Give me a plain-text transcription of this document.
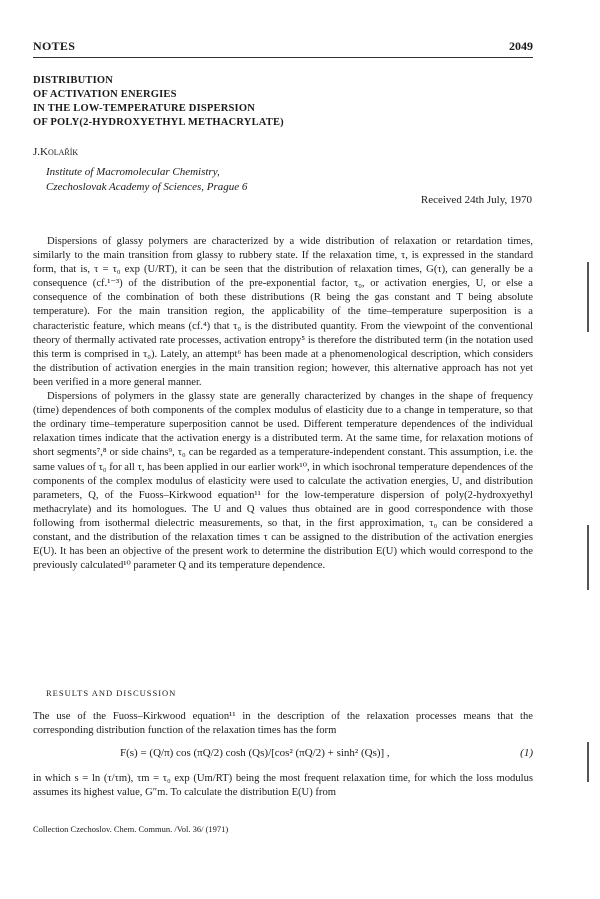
NOTES	2049
DISTRIBUTION
OF ACTIVATION ENERGIES
IN THE LOW-TEMPERATURE DISPERSION
OF POLY(2-HYDROXYETHYL METHACRYLATE)
J.Kolařík
Institute of Macromolecular Chemistry,
Czechoslovak Academy of Sciences, Prague 6
Received 24th July, 1970

Dispersions of glassy polymers are characterized by a wide distribution of relaxation or retardation times, similarly to the main transition from glassy to rubbery state. If the relaxation time, τ, is expressed in the standard form, that is, τ = τ₀ exp (U/RT), it can be seen that the distribution of relaxation times, G(τ), can generally be a consequence (cf.¹⁻³) of the distribution of the pre-exponential factor, τ₀, or activation energies, U, or else a consequence of the combination of both these distributions (R being the gas constant and T being absolute temperature). For the main transition region, the applicability of the time–temperature superposition is a characteristic feature, which means (cf.⁴) that τ₀ is the distributed quantity. From the viewpoint of the conventional theory of thermally activated rate processes, activation entropy⁵ is therefore the distributed term (in the notation used this term is comprised in τ₀). Lately, an attempt⁶ has been made at a phenomenological description, which considers the distribution of activation energies in the main transition region; however, this alternative approach has not yet been verified in a more general manner.

Dispersions of polymers in the glassy state are generally characterized by changes in the shape of frequency (time) dependences of both components of the complex modulus of elasticity due to a change in temperature, so that the ordinary time–temperature superposition cannot be used. Different temperature dependences of the individual relaxation times indicate that the activation energy is a distributed term. At the same time, for relaxation motions of short segments⁷,⁸ or side chains⁹, τ₀ can be regarded as a temperature-independent constant. This assumption, i.e. the same values of τ₀ for all τ, has been applied in our earlier work¹⁰, in which isochronal temperature dependences of the components of the complex modulus of elasticity were used to calculate the activation energies, U, and distribution parameters, Q, of the Fuoss–Kirkwood equation¹¹ for the low-temperature dispersion of poly(2-hydroxyethyl methacrylate) and its homologues. The U and Q values thus obtained are in good correspondence with those following from isothermal dielectric measurements, so that, in the first approximation, τ₀ can be considered a constant, and the distribution of the relaxation times τ can be assigned to the distribution of the activation energies E(U). It has been an objective of the present work to determine the distribution E(U) which would correspond to the previously calculated¹⁰ parameter Q and its temperature dependence.

RESULTS AND DISCUSSION

The use of the Fuoss–Kirkwood equation¹¹ in the description of the relaxation processes means that the corresponding distribution function of the relaxation times has the form

F(s) = (Q/π) cos (πQ/2) cosh (Qs)/[cos² (πQ/2) + sinh² (Qs)] ,	(1)

in which s = ln (τ/τm), τm = τ₀ exp (Um/RT) being the most frequent relaxation time, for which the loss modulus assumes its highest value, G″m. To calculate the distribution E(U) from

Collection Czechoslov. Chem. Commun. /Vol. 36/ (1971)
